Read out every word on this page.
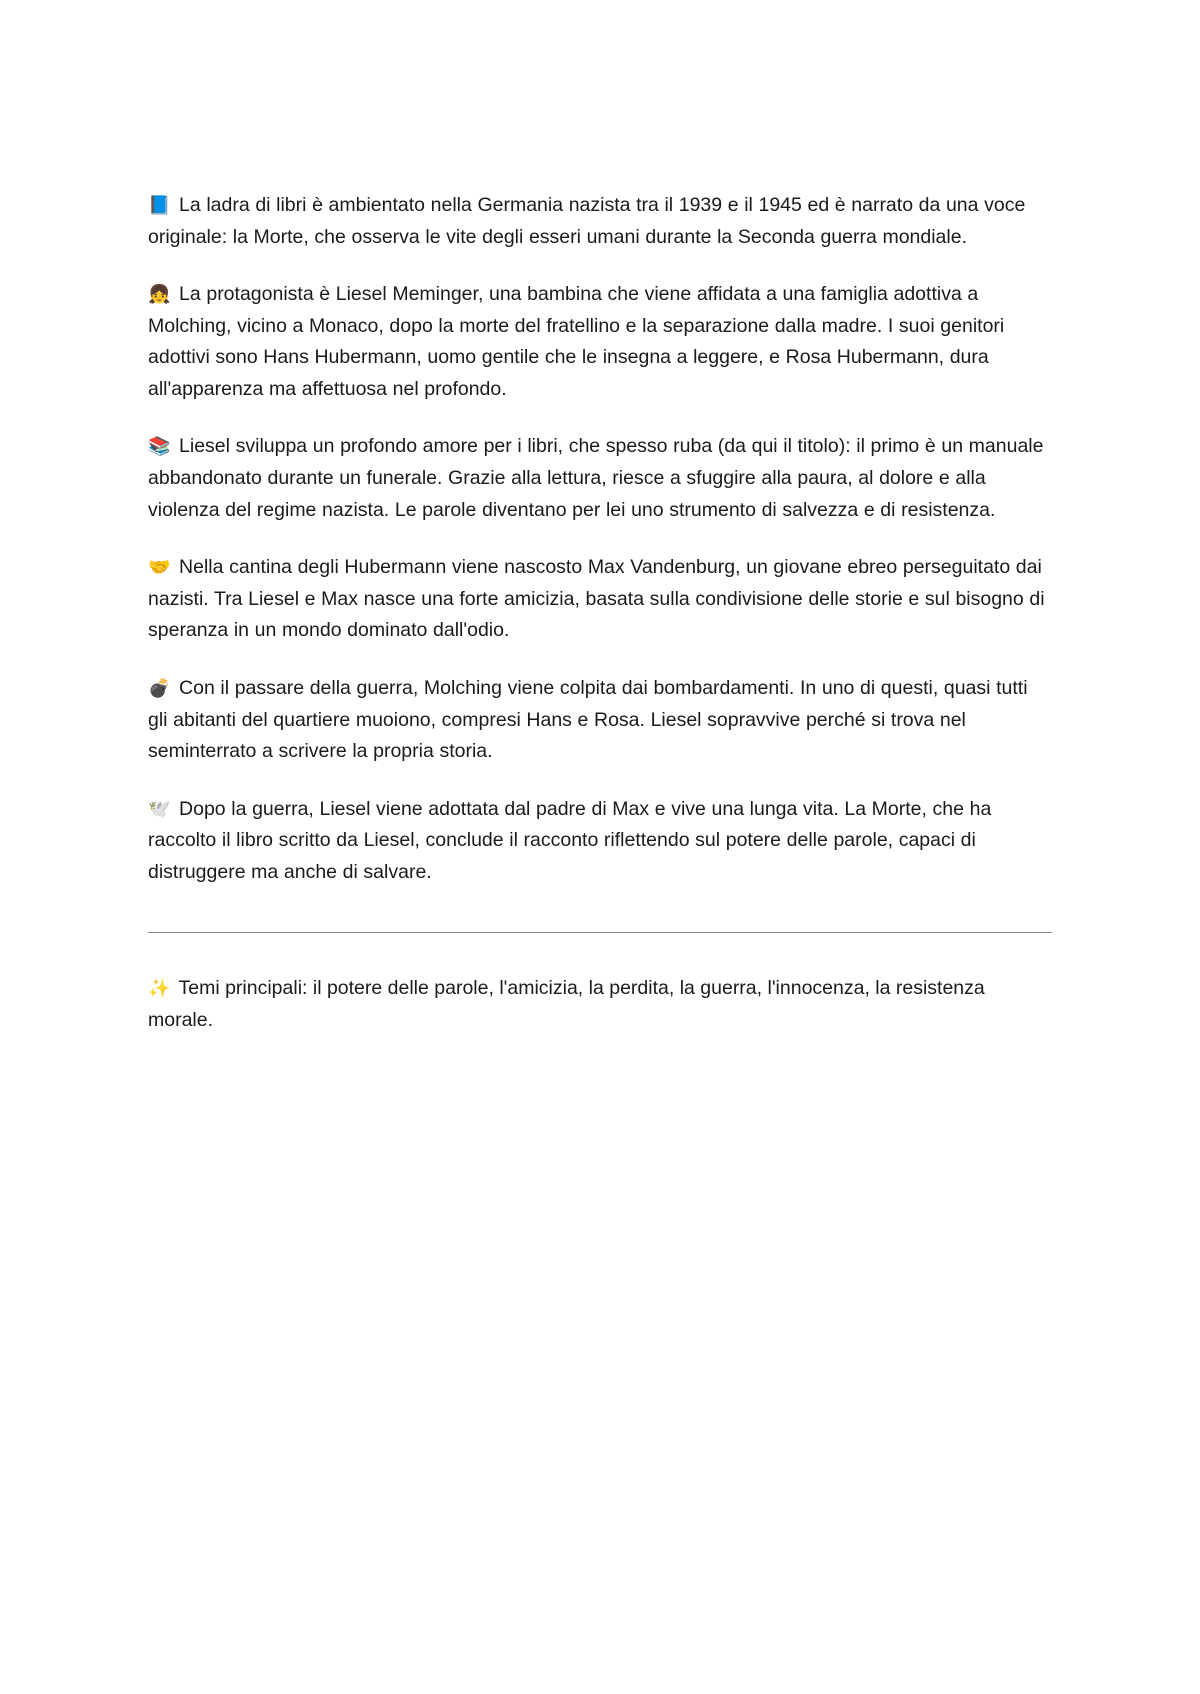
📘 La ladra di libri è ambientato nella Germania nazista tra il 1939 e il 1945 ed è narrato da una voce originale: la Morte, che osserva le vite degli esseri umani durante la Seconda guerra mondiale.

👧 La protagonista è Liesel Meminger, una bambina che viene affidata a una famiglia adottiva a Molching, vicino a Monaco, dopo la morte del fratellino e la separazione dalla madre. I suoi genitori adottivi sono Hans Hubermann, uomo gentile che le insegna a leggere, e Rosa Hubermann, dura all'apparenza ma affettuosa nel profondo.

📚 Liesel sviluppa un profondo amore per i libri, che spesso ruba (da qui il titolo): il primo è un manuale abbandonato durante un funerale. Grazie alla lettura, riesce a sfuggire alla paura, al dolore e alla violenza del regime nazista. Le parole diventano per lei uno strumento di salvezza e di resistenza.

🤝 Nella cantina degli Hubermann viene nascosto Max Vandenburg, un giovane ebreo perseguitato dai nazisti. Tra Liesel e Max nasce una forte amicizia, basata sulla condivisione delle storie e sul bisogno di speranza in un mondo dominato dall'odio.

💣 Con il passare della guerra, Molching viene colpita dai bombardamenti. In uno di questi, quasi tutti gli abitanti del quartiere muoiono, compresi Hans e Rosa. Liesel sopravvive perché si trova nel seminterrato a scrivere la propria storia.

🕊️ Dopo la guerra, Liesel viene adottata dal padre di Max e vive una lunga vita. La Morte, che ha raccolto il libro scritto da Liesel, conclude il racconto riflettendo sul potere delle parole, capaci di distruggere ma anche di salvare.

✨ Temi principali: il potere delle parole, l'amicizia, la perdita, la guerra, l'innocenza, la resistenza morale.
